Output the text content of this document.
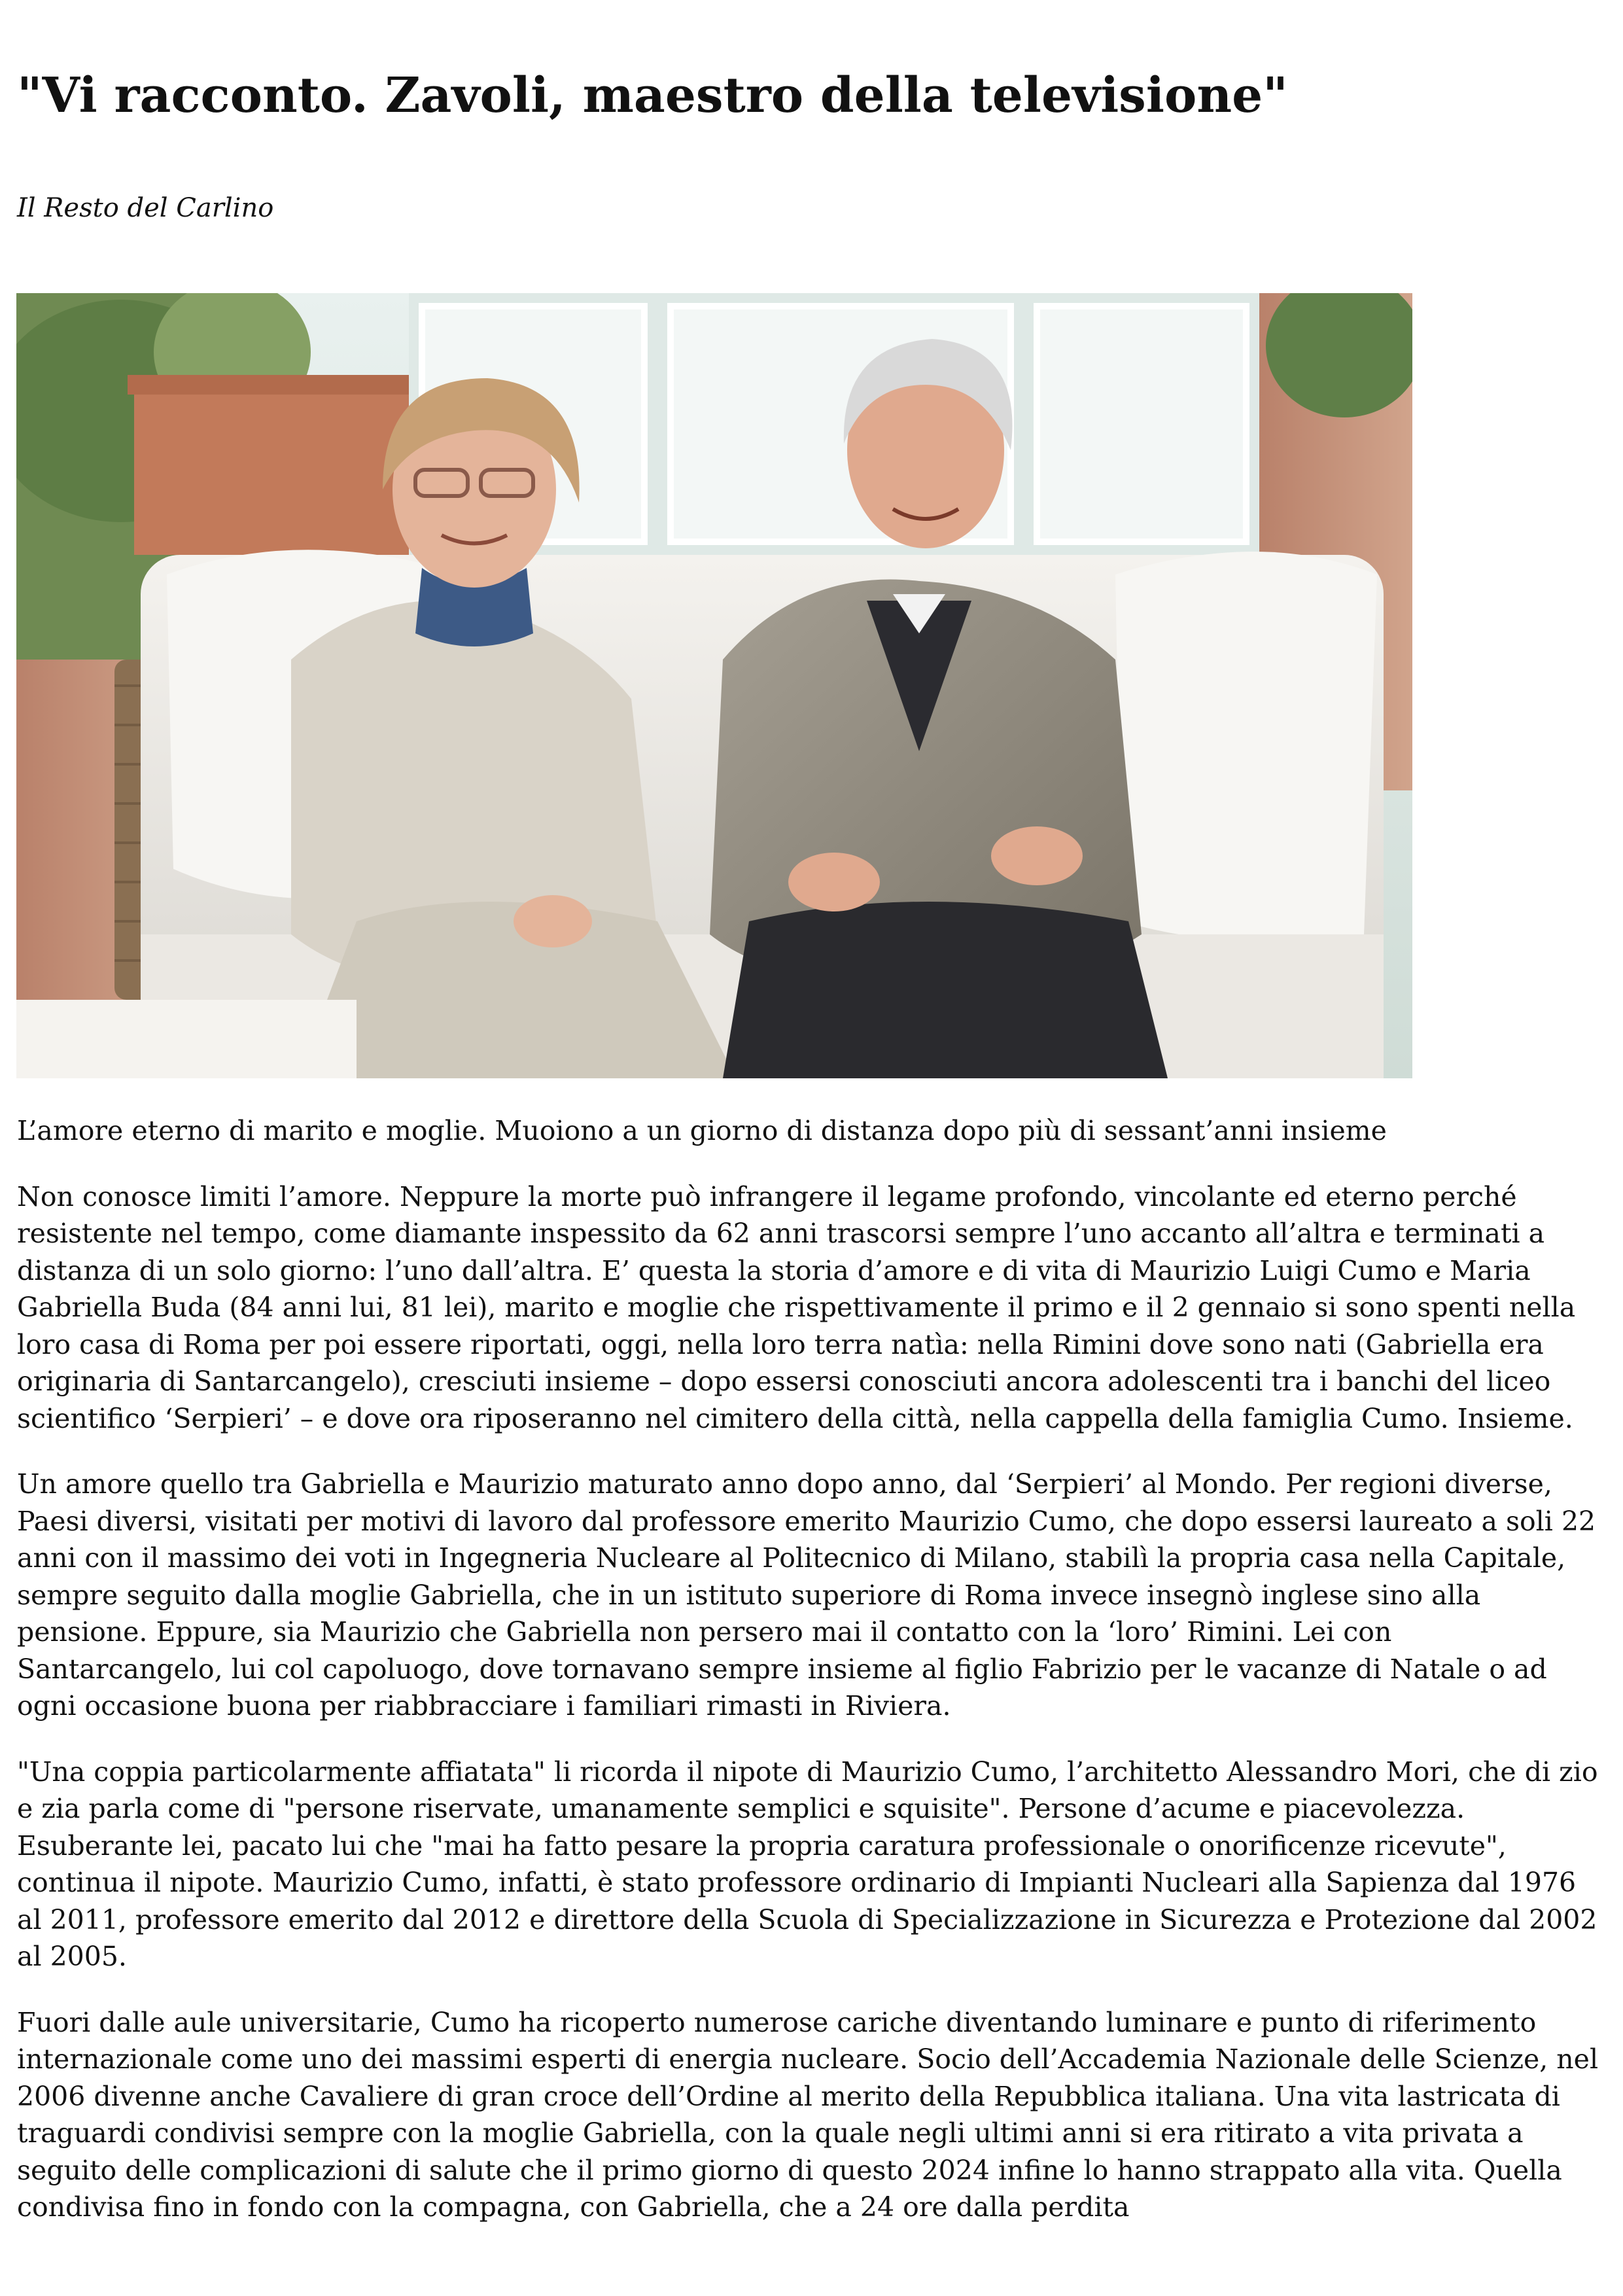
"Vi racconto. Zavoli, maestro della televisione"

Il Resto del Carlino

L’amore eterno di marito e moglie. Muoiono a un giorno di distanza dopo più di sessant’anni insieme

Non conosce limiti l’amore. Neppure la morte può infrangere il legame profondo, vincolante ed eterno perché resistente nel tempo, come diamante inspessito da 62 anni trascorsi sempre l’uno accanto all’altra e terminati a distanza di un solo giorno: l’uno dall’altra. E’ questa la storia d’amore e di vita di Maurizio Luigi Cumo e Maria Gabriella Buda (84 anni lui, 81 lei), marito e moglie che rispettivamente il primo e il 2 gennaio si sono spenti nella loro casa di Roma per poi essere riportati, oggi, nella loro terra natìa: nella Rimini dove sono nati (Gabriella era originaria di Santarcangelo), cresciuti insieme – dopo essersi conosciuti ancora adolescenti tra i banchi del liceo scientifico ‘Serpieri’ – e dove ora riposeranno nel cimitero della città, nella cappella della famiglia Cumo. Insieme.

Un amore quello tra Gabriella e Maurizio maturato anno dopo anno, dal ‘Serpieri’ al Mondo. Per regioni diverse, Paesi diversi, visitati per motivi di lavoro dal professore emerito Maurizio Cumo, che dopo essersi laureato a soli 22 anni con il massimo dei voti in Ingegneria Nucleare al Politecnico di Milano, stabilì la propria casa nella Capitale, sempre seguito dalla moglie Gabriella, che in un istituto superiore di Roma invece insegnò inglese sino alla pensione. Eppure, sia Maurizio che Gabriella non persero mai il contatto con la ‘loro’ Rimini. Lei con Santarcangelo, lui col capoluogo, dove tornavano sempre insieme al figlio Fabrizio per le vacanze di Natale o ad ogni occasione buona per riabbracciare i familiari rimasti in Riviera.

"Una coppia particolarmente affiatata" li ricorda il nipote di Maurizio Cumo, l’architetto Alessandro Mori, che di zio e zia parla come di "persone riservate, umanamente semplici e squisite". Persone d’acume e piacevolezza. Esuberante lei, pacato lui che "mai ha fatto pesare la propria caratura professionale o onorificenze ricevute", continua il nipote. Maurizio Cumo, infatti, è stato professore ordinario di Impianti Nucleari alla Sapienza dal 1976 al 2011, professore emerito dal 2012 e direttore della Scuola di Specializzazione in Sicurezza e Protezione dal 2002 al 2005.

Fuori dalle aule universitarie, Cumo ha ricoperto numerose cariche diventando luminare e punto di riferimento internazionale come uno dei massimi esperti di energia nucleare. Socio dell’Accademia Nazionale delle Scienze, nel 2006 divenne anche Cavaliere di gran croce dell’Ordine al merito della Repubblica italiana. Una vita lastricata di traguardi condivisi sempre con la moglie Gabriella, con la quale negli ultimi anni si era ritirato a vita privata a seguito delle complicazioni di salute che il primo giorno di questo 2024 infine lo hanno strappato alla vita. Quella condivisa fino in fondo con la compagna, con Gabriella, che a 24 ore dalla perdita
